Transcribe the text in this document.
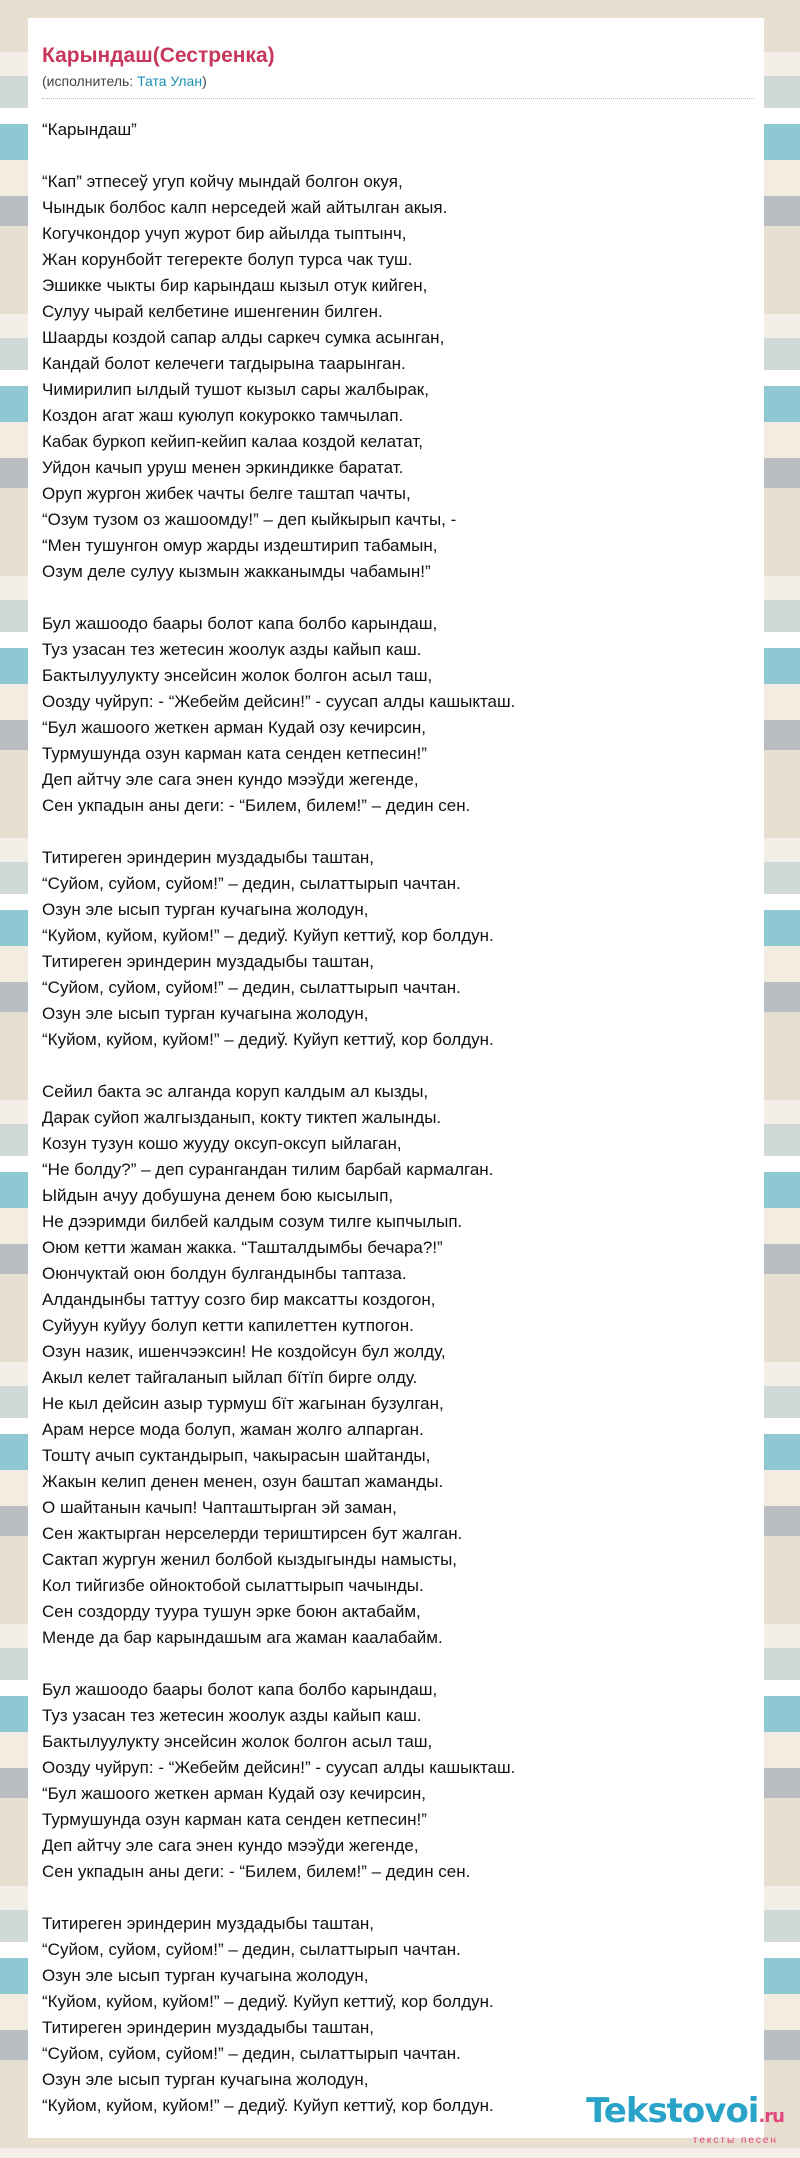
Карындаш(Сестренка)
(исполнитель: Тата Улан)
“Карындаш”
“Кап” этпесеў угуп койчу мындай болгон окуя,
Чындык болбос калп нерседей жай айтылган акыя.
Когучкондор учуп журот бир айылда тыптынч,
Жан корунбойт тегеректе болуп турса чак туш.
Эшикке чыкты бир карындаш кызыл отук кийген,
Сулуу чырай келбетине ишенгенин билген.
Шаарды коздой сапар алды саркеч сумка асынган,
Кандай болот келечеги тагдырына таарынган.
Чимирилип ылдый тушот кызыл сары жалбырак,
Коздон агат жаш куюлуп кокурокко тамчылап.
Кабак буркоп кейип-кейип калаа коздой келатат,
Уйдон качып уруш менен эркиндикке баратат.
Оруп жургон жибек чачты белге таштап чачты,
“Озум тузом оз жашоомду!” – деп кыйкырып качты, -
“Мен тушунгон омур жарды издештирип табамын,
Озум деле сулуу кызмын жакканымды чабамын!”
Бул жашоодо баары болот капа болбо карындаш,
Туз узасан тез жетесин жоолук азды кайып каш.
Бактылуулукту энсейсин жолок болгон асыл таш,
Оозду чуйруп: - “Жебейм дейсин!” - суусап алды кашыкташ.
“Бул жашоого жеткен арман Кудай озу кечирсин,
Турмушунда озун карман ката сенден кетпесин!”
Деп айтчу эле сага энен кундо мээўди жегенде,
Сен укпадын аны деги: - “Билем, билем!” – дедин сен.
Титиреген эриндерин муздадыбы таштан,
“Суйом, суйом, суйом!” – дедин, сылаттырып чачтан.
Озун эле ысып турган кучагына жолодун,
“Куйом, куйом, куйом!” – дедиў. Куйуп кеттиў, кор болдун.
Титиреген эриндерин муздадыбы таштан,
“Суйом, суйом, суйом!” – дедин, сылаттырып чачтан.
Озун эле ысып турган кучагына жолодун,
“Куйом, куйом, куйом!” – дедиў. Куйуп кеттиў, кор болдун.
Сейил бакта эс алганда коруп калдым ал кызды,
Дарак суйоп жалгызданып, кокту тиктеп жалынды.
Козун тузун кошо жууду оксуп-оксуп ыйлаган,
“Не болду?” – деп сурангандан тилим барбай кармалган.
Ыйдын ачуу добушуна денем бою кысылып,
Не дээримди билбей калдым созум тилге кыпчылып.
Оюм кетти жаман жакка. “Ташталдымбы бечара?!”
Оюнчуктай оюн болдун булгандынбы таптаза.
Алдандынбы таттуу созго бир максатты коздогон,
Суйуун куйуу болуп кетти капилеттен кутпогон.
Озун назик, ишенчээксин! Не коздойсун бул жолду,
Акыл келет тайгаланып ыйлап бїтїп бирге олду.
Не кыл дейсин азыр турмуш бїт жагынан бузулган,
Арам нерсе мода болуп, жаман жолго алпарган.
Тоштү ачып суктандырып, чакырасын шайтанды,
Жакын келип денен менен, озун баштап жаманды.
О шайтанын качып! Чапташтырган эй заман,
Сен жактырган нерселерди териштирсен бут жалган.
Сактап жургун женил болбой кыздыгынды намысты,
Кол тийгизбе ойноктобой сылаттырып чачынды.
Сен создорду туура тушун эрке боюн актабайм,
Менде да бар карындашым ага жаман каалабайм.
Бул жашоодо баары болот капа болбо карындаш,
Туз узасан тез жетесин жоолук азды кайып каш.
Бактылуулукту энсейсин жолок болгон асыл таш,
Оозду чуйруп: - “Жебейм дейсин!” - суусап алды кашыкташ.
“Бул жашоого жеткен арман Кудай озу кечирсин,
Турмушунда озун карман ката сенден кетпесин!”
Деп айтчу эле сага энен кундо мээўди жегенде,
Сен укпадын аны деги: - “Билем, билем!” – дедин сен.
Титиреген эриндерин муздадыбы таштан,
“Суйом, суйом, суйом!” – дедин, сылаттырып чачтан.
Озун эле ысып турган кучагына жолодун,
“Куйом, куйом, куйом!” – дедиў. Куйуп кеттиў, кор болдун.
Титиреген эриндерин муздадыбы таштан,
“Суйом, суйом, суйом!” – дедин, сылаттырып чачтан.
Озун эле ысып турган кучагына жолодун,
“Куйом, куйом, куйом!” – дедиў. Куйуп кеттиў, кор болдун.	Tekstovoi.ru
тексты песен
